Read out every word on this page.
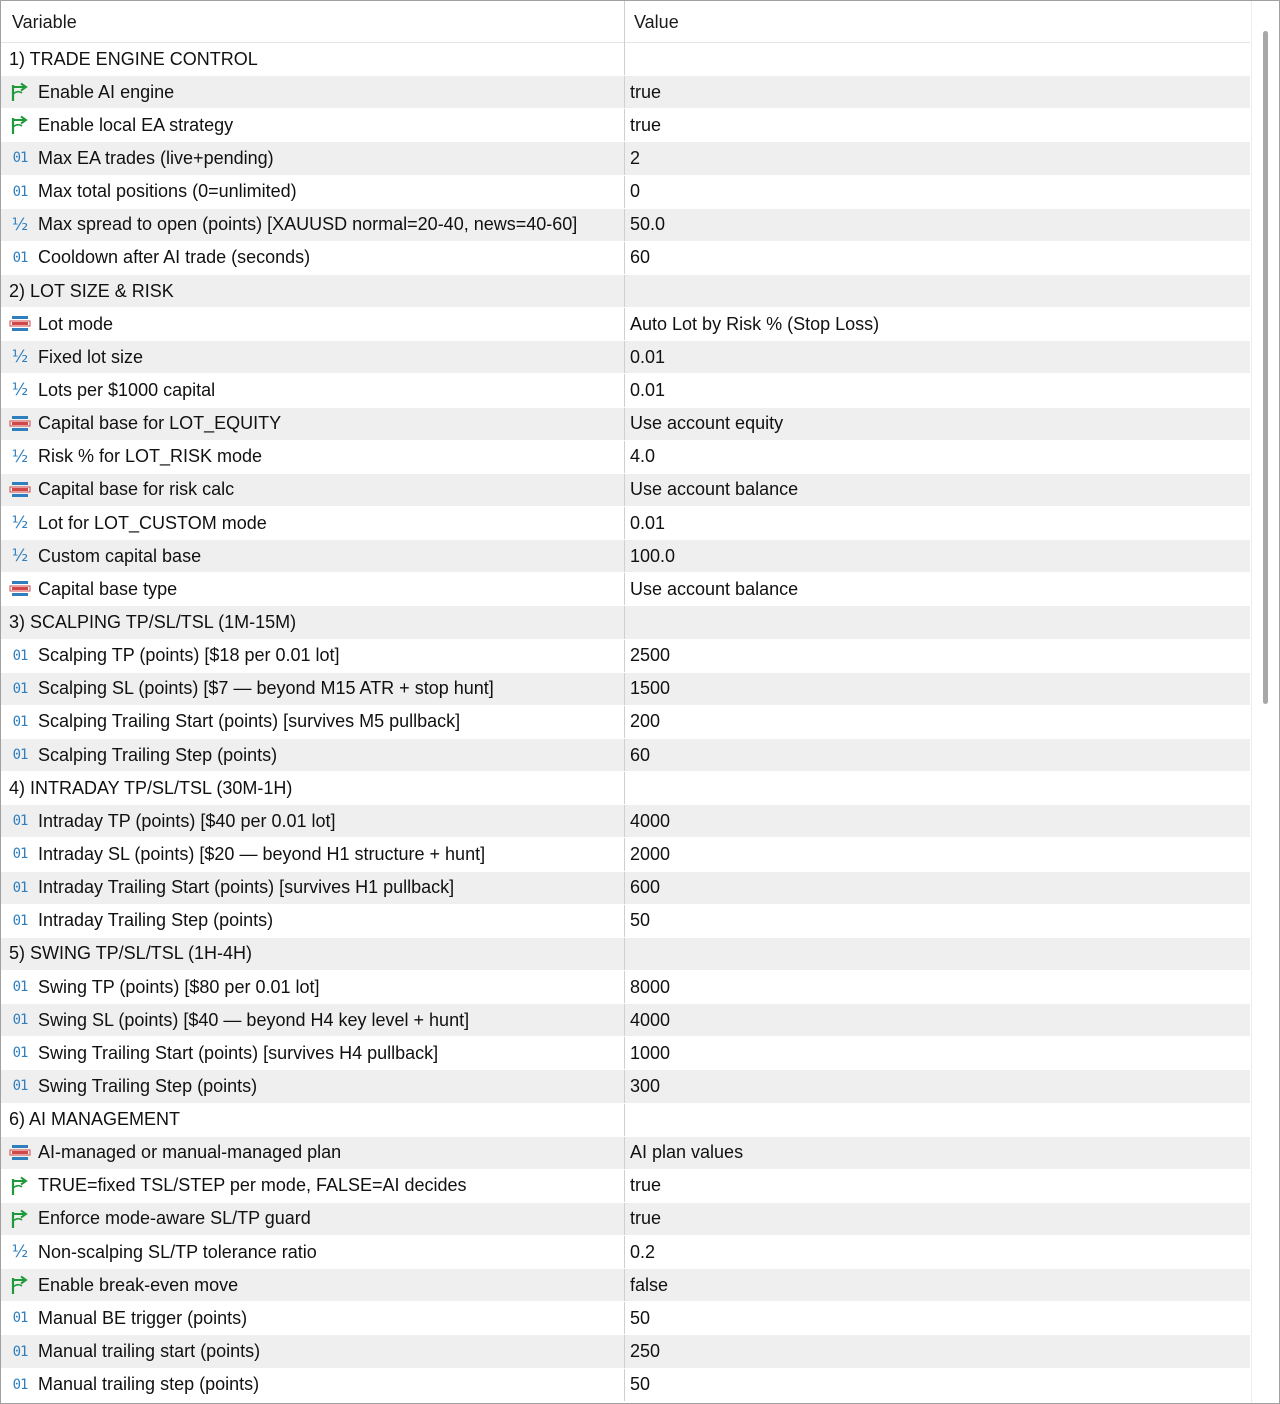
Variable	Value
1) TRADE ENGINE CONTROL
Enable AI engine	true
Enable local EA strategy	true
01 Max EA trades (live+pending)	2
01 Max total positions (0=unlimited)	0
½ Max spread to open (points) [XAUUSD normal=20-40, news=40-60]	50.0
01 Cooldown after AI trade (seconds)	60
2) LOT SIZE & RISK
Lot mode	Auto Lot by Risk % (Stop Loss)
½ Fixed lot size	0.01
½ Lots per $1000 capital	0.01
Capital base for LOT_EQUITY	Use account equity
½ Risk % for LOT_RISK mode	4.0
Capital base for risk calc	Use account balance
½ Lot for LOT_CUSTOM mode	0.01
½ Custom capital base	100.0
Capital base type	Use account balance
3) SCALPING TP/SL/TSL (1M-15M)
01 Scalping TP (points) [$18 per 0.01 lot]	2500
01 Scalping SL (points) [$7 — beyond M15 ATR + stop hunt]	1500
01 Scalping Trailing Start (points) [survives M5 pullback]	200
01 Scalping Trailing Step (points)	60
4) INTRADAY TP/SL/TSL (30M-1H)
01 Intraday TP (points) [$40 per 0.01 lot]	4000
01 Intraday SL (points) [$20 — beyond H1 structure + hunt]	2000
01 Intraday Trailing Start (points) [survives H1 pullback]	600
01 Intraday Trailing Step (points)	50
5) SWING TP/SL/TSL (1H-4H)
01 Swing TP (points) [$80 per 0.01 lot]	8000
01 Swing SL (points) [$40 — beyond H4 key level + hunt]	4000
01 Swing Trailing Start (points) [survives H4 pullback]	1000
01 Swing Trailing Step (points)	300
6) AI MANAGEMENT
AI-managed or manual-managed plan	AI plan values
TRUE=fixed TSL/STEP per mode, FALSE=AI decides	true
Enforce mode-aware SL/TP guard	true
½ Non-scalping SL/TP tolerance ratio	0.2
Enable break-even move	false
01 Manual BE trigger (points)	50
01 Manual trailing start (points)	250
01 Manual trailing step (points)	50
